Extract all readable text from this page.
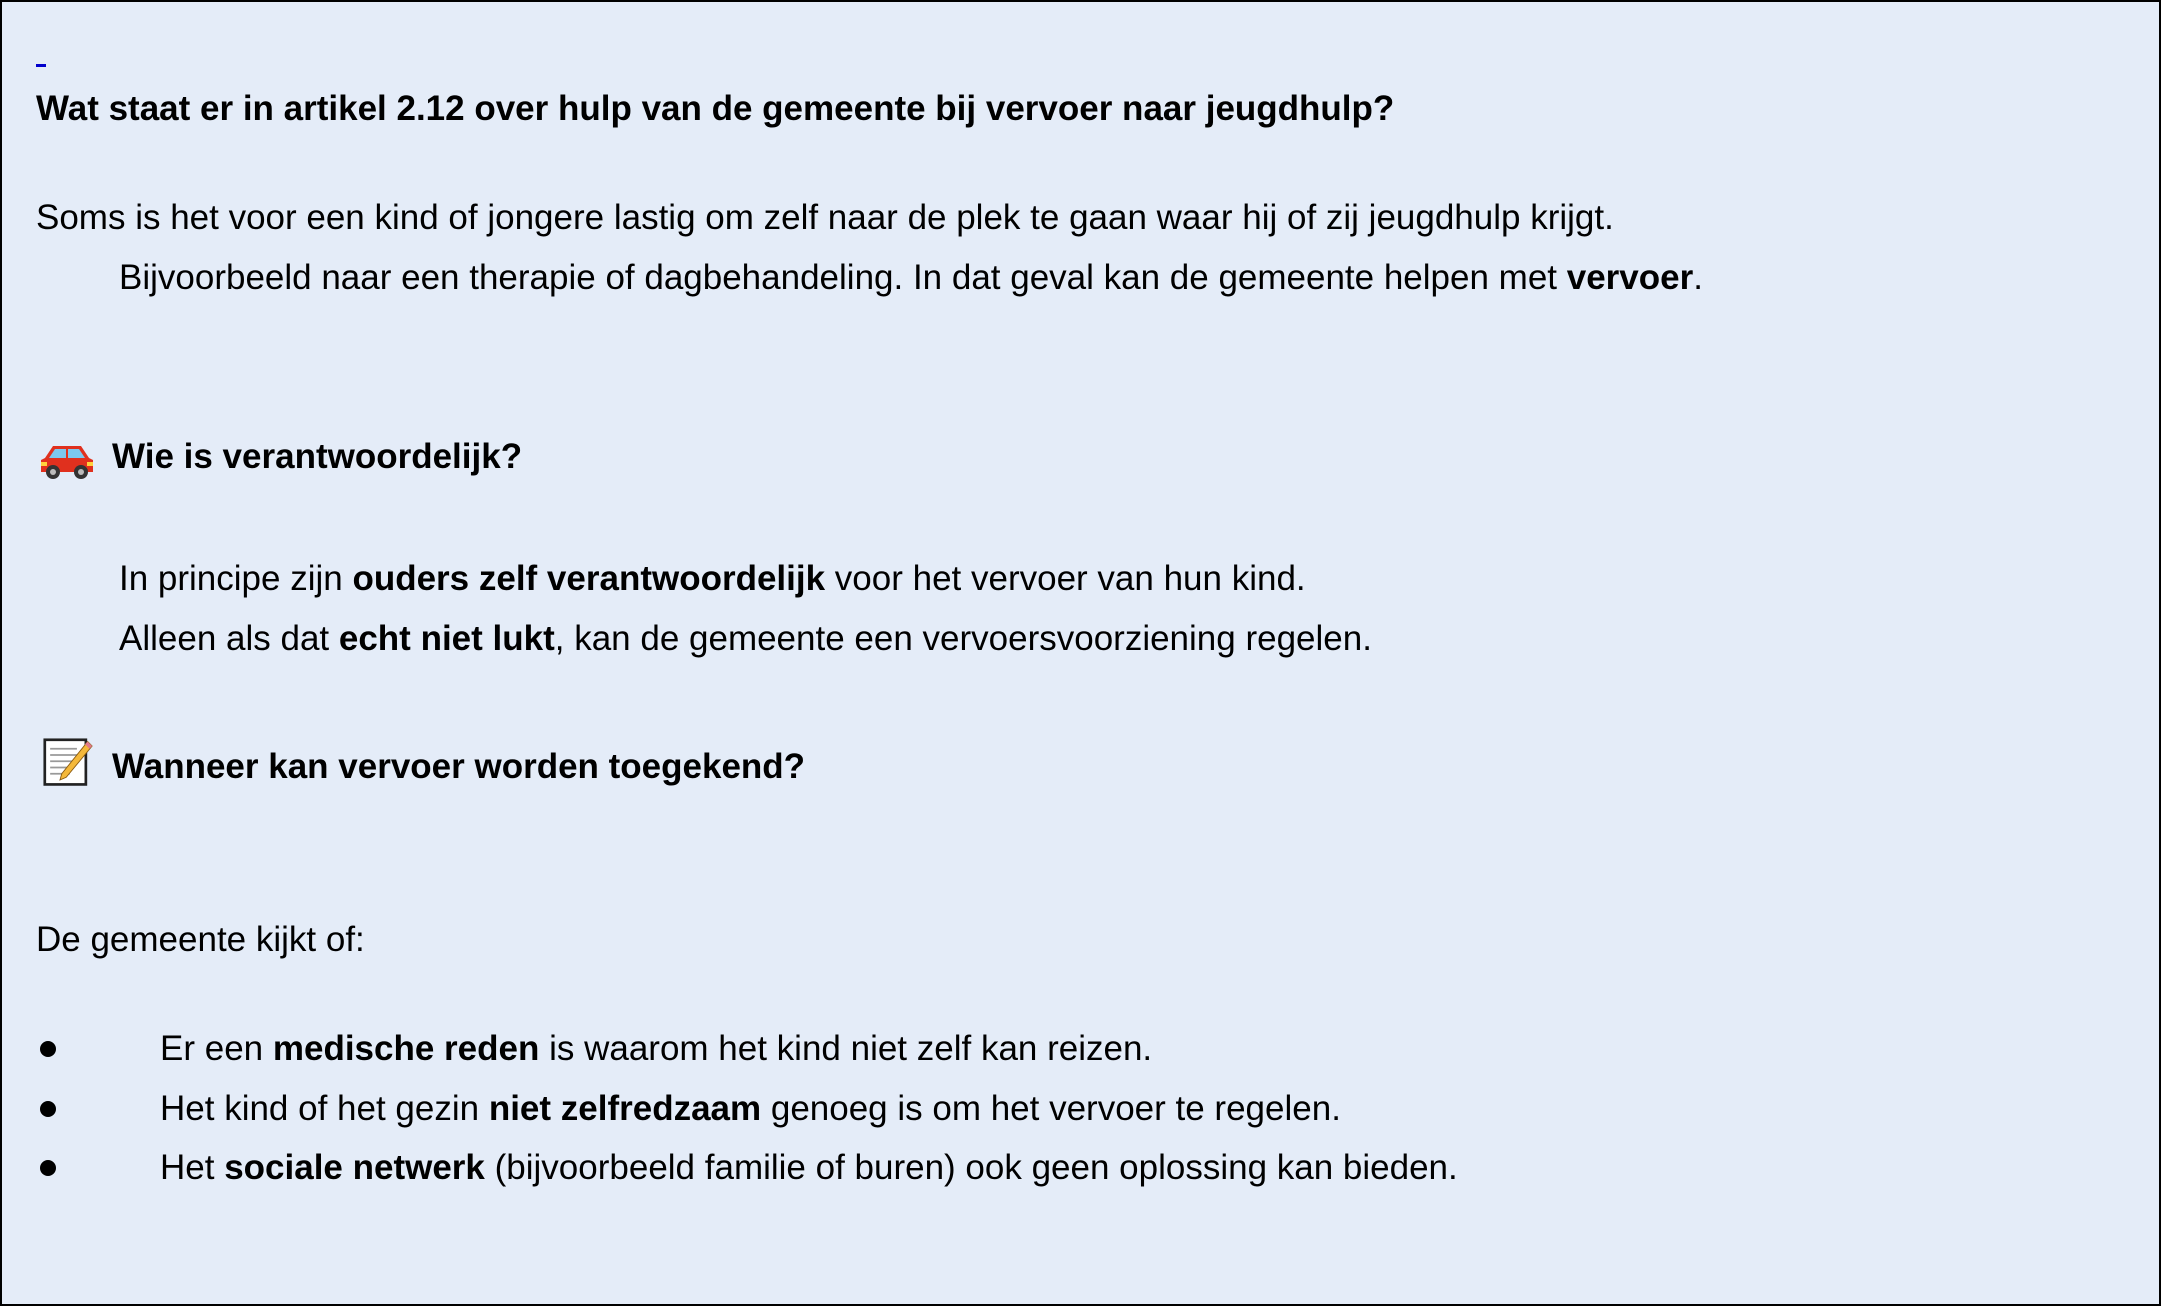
Wat staat er in artikel 2.12 over hulp van de gemeente bij vervoer naar jeugdhulp?
Soms is het voor een kind of jongere lastig om zelf naar de plek te gaan waar hij of zij jeugdhulp krijgt.
Bijvoorbeeld naar een therapie of dagbehandeling. In dat geval kan de gemeente helpen met vervoer.
Wie is verantwoordelijk?
In principe zijn ouders zelf verantwoordelijk voor het vervoer van hun kind.
Alleen als dat echt niet lukt, kan de gemeente een vervoersvoorziening regelen.
Wanneer kan vervoer worden toegekend?
De gemeente kijkt of:
Er een medische reden is waarom het kind niet zelf kan reizen.
Het kind of het gezin niet zelfredzaam genoeg is om het vervoer te regelen.
Het sociale netwerk (bijvoorbeeld familie of buren) ook geen oplossing kan bieden.
